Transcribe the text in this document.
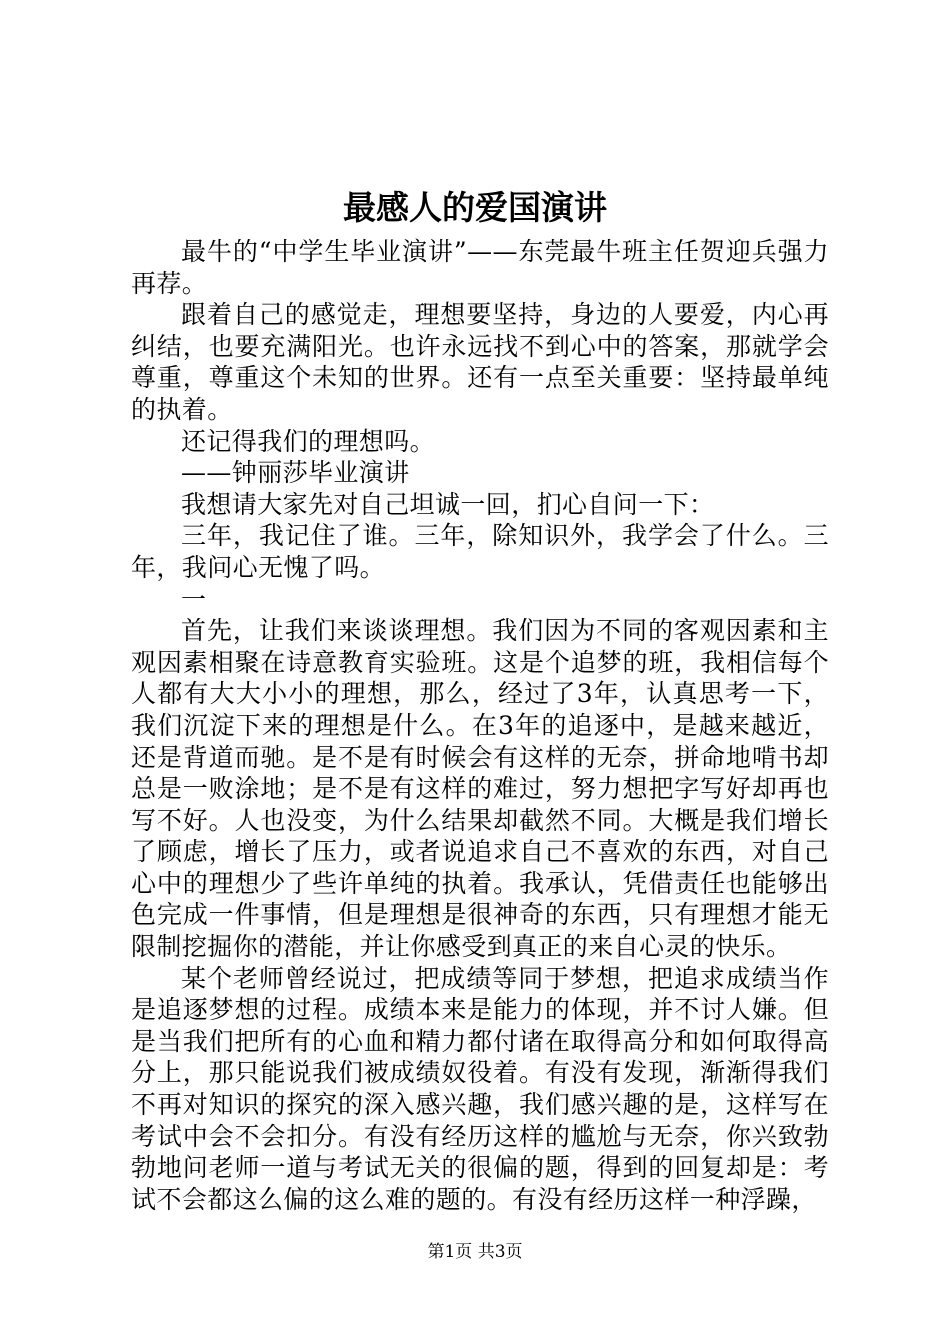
最感人的爱国演讲

最牛的“中学生毕业演讲”——东莞最牛班主任贺迎兵强力再荐。

跟着自己的感觉走，理想要坚持，身边的人要爱，内心再纠结，也要充满阳光。也许永远找不到心中的答案，那就学会尊重，尊重这个未知的世界。还有一点至关重要：坚持最单纯的执着。

还记得我们的理想吗。

——钟丽莎毕业演讲

我想请大家先对自己坦诚一回，扪心自问一下：

三年，我记住了谁。三年，除知识外，我学会了什么。三年，我问心无愧了吗。

一

首先，让我们来谈谈理想。我们因为不同的客观因素和主观因素相聚在诗意教育实验班。这是个追梦的班，我相信每个人都有大大小小的理想，那么，经过了3年，认真思考一下，我们沉淀下来的理想是什么。在3年的追逐中，是越来越近，还是背道而驰。是不是有时候会有这样的无奈，拼命地啃书却总是一败涂地；是不是有这样的难过，努力想把字写好却再也写不好。人也没变，为什么结果却截然不同。大概是我们增长了顾虑，增长了压力，或者说追求自己不喜欢的东西，对自己心中的理想少了些许单纯的执着。我承认，凭借责任也能够出色完成一件事情，但是理想是很神奇的东西，只有理想才能无限制挖掘你的潜能，并让你感受到真正的来自心灵的快乐。

某个老师曾经说过，把成绩等同于梦想，把追求成绩当作是追逐梦想的过程。成绩本来是能力的体现，并不讨人嫌。但是当我们把所有的心血和精力都付诸在取得高分和如何取得高分上，那只能说我们被成绩奴役着。有没有发现，渐渐得我们不再对知识的探究的深入感兴趣，我们感兴趣的是，这样写在考试中会不会扣分。有没有经历这样的尴尬与无奈，你兴致勃勃地问老师一道与考试无关的很偏的题，得到的回复却是：考试不会都这么偏的这么难的题的。有没有经历这样一种浮躁，

第1页 共3页
